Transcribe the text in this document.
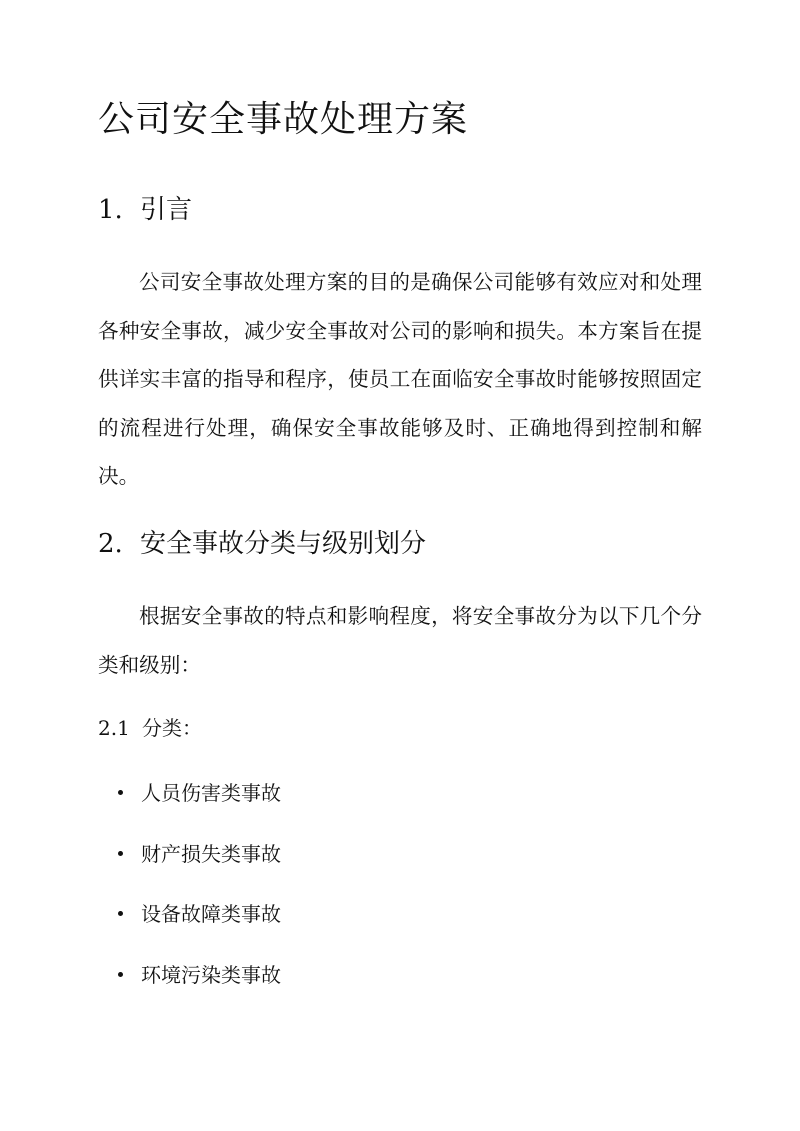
公司安全事故处理方案
1. 引言

公司安全事故处理方案的目的是确保公司能够有效应对和处理各种安全事故，减少安全事故对公司的影响和损失。本方案旨在提供详实丰富的指导和程序，使员工在面临安全事故时能够按照固定的流程进行处理，确保安全事故能够及时、正确地得到控制和解决。

2. 安全事故分类与级别划分

根据安全事故的特点和影响程度，将安全事故分为以下几个分类和级别：

2.1 分类：
人员伤害类事故
财产损失类事故
设备故障类事故
环境污染类事故
